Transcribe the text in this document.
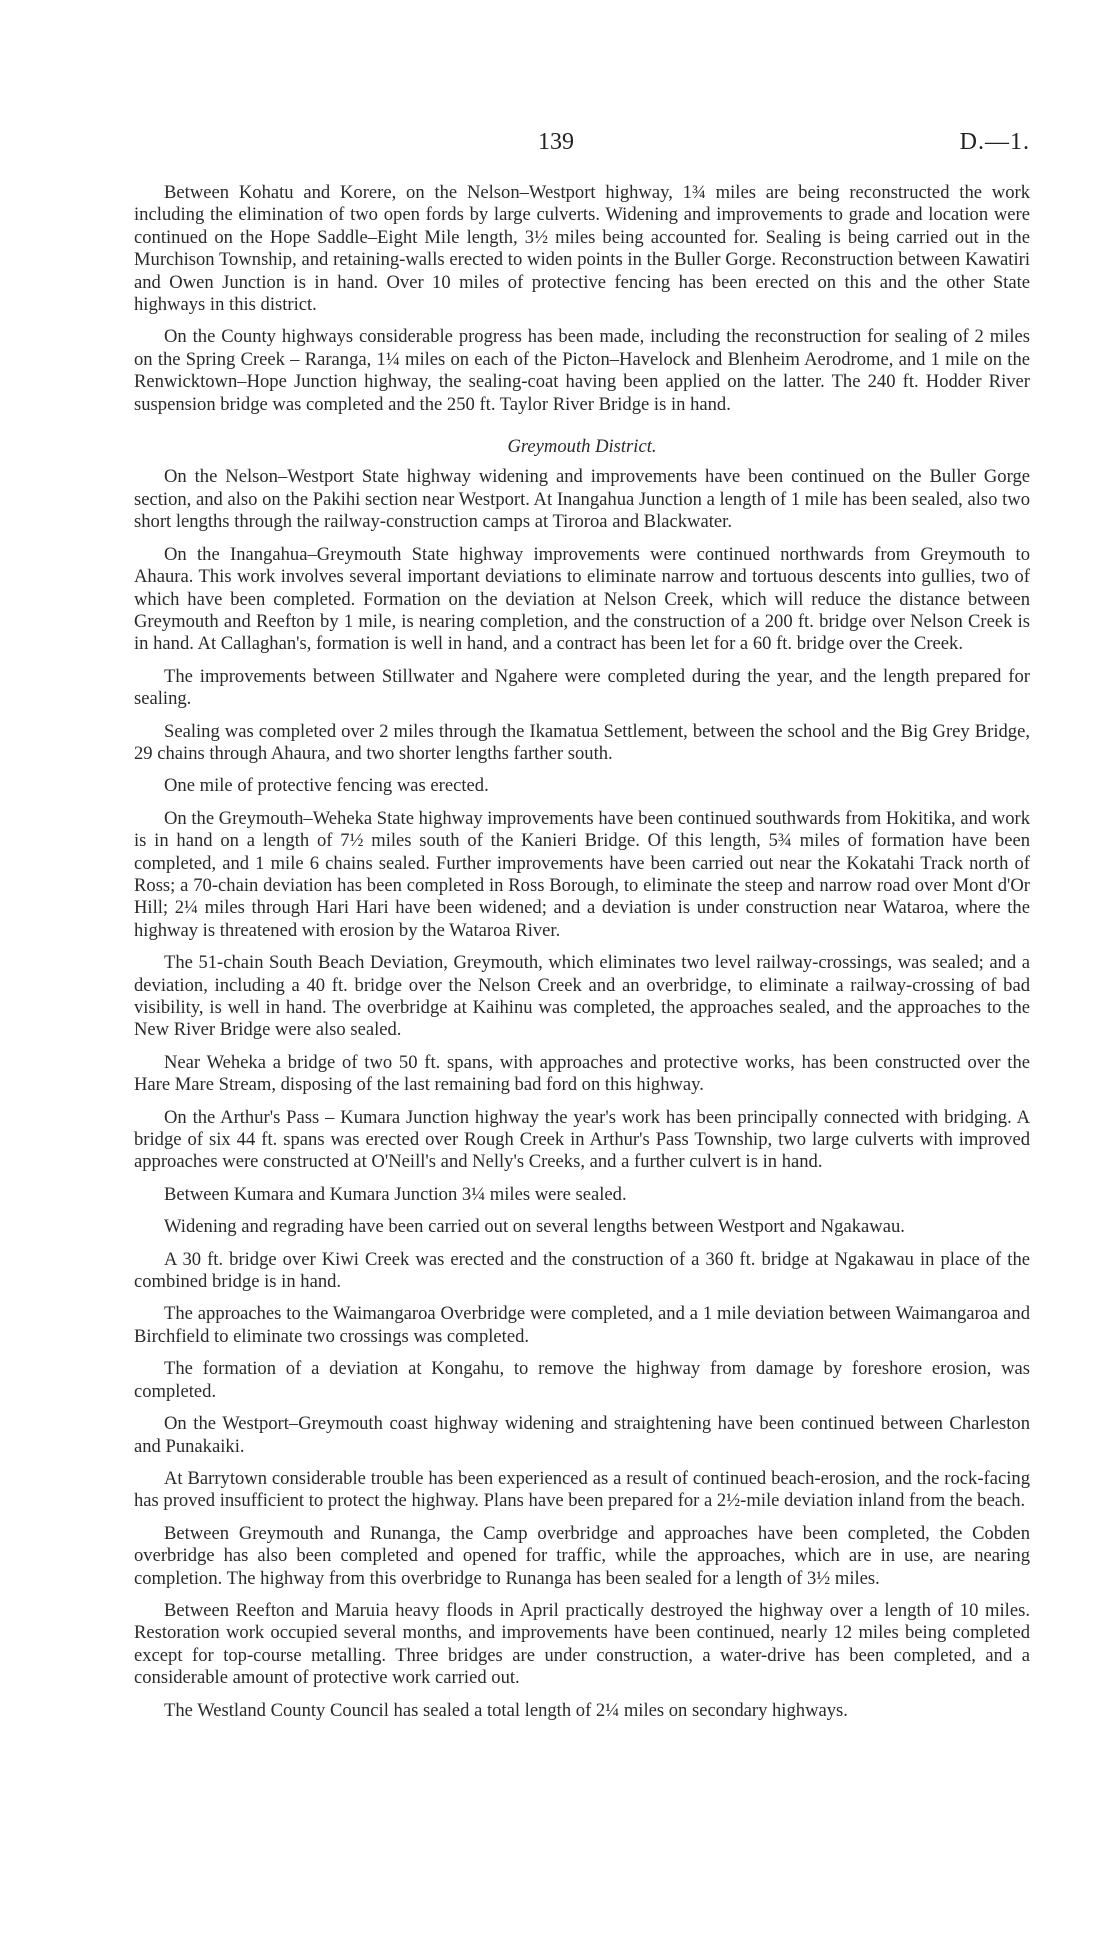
139	D.—1.

Between Kohatu and Korere, on the Nelson–Westport highway, 1¾ miles are being reconstructed the work including the elimination of two open fords by large culverts. Widening and improvements to grade and location were continued on the Hope Saddle–Eight Mile length, 3½ miles being accounted for. Sealing is being carried out in the Murchison Township, and retaining-walls erected to widen points in the Buller Gorge. Reconstruction between Kawatiri and Owen Junction is in hand. Over 10 miles of protective fencing has been erected on this and the other State highways in this district.

On the County highways considerable progress has been made, including the reconstruction for sealing of 2 miles on the Spring Creek – Raranga, 1¼ miles on each of the Picton–Havelock and Blenheim Aerodrome, and 1 mile on the Renwicktown–Hope Junction highway, the sealing-coat having been applied on the latter. The 240 ft. Hodder River suspension bridge was completed and the 250 ft. Taylor River Bridge is in hand.

Greymouth District.

On the Nelson–Westport State highway widening and improvements have been continued on the Buller Gorge section, and also on the Pakihi section near Westport. At Inangahua Junction a length of 1 mile has been sealed, also two short lengths through the railway-construction camps at Tiroroa and Blackwater.

On the Inangahua–Greymouth State highway improvements were continued northwards from Greymouth to Ahaura. This work involves several important deviations to eliminate narrow and tortuous descents into gullies, two of which have been completed. Formation on the deviation at Nelson Creek, which will reduce the distance between Greymouth and Reefton by 1 mile, is nearing completion, and the construction of a 200 ft. bridge over Nelson Creek is in hand. At Callaghan's, formation is well in hand, and a contract has been let for a 60 ft. bridge over the Creek.

The improvements between Stillwater and Ngahere were completed during the year, and the length prepared for sealing.

Sealing was completed over 2 miles through the Ikamatua Settlement, between the school and the Big Grey Bridge, 29 chains through Ahaura, and two shorter lengths farther south.

One mile of protective fencing was erected.

On the Greymouth–Weheka State highway improvements have been continued southwards from Hokitika, and work is in hand on a length of 7½ miles south of the Kanieri Bridge. Of this length, 5¾ miles of formation have been completed, and 1 mile 6 chains sealed. Further improvements have been carried out near the Kokatahi Track north of Ross; a 70-chain deviation has been completed in Ross Borough, to eliminate the steep and narrow road over Mont d'Or Hill; 2¼ miles through Hari Hari have been widened; and a deviation is under construction near Wataroa, where the highway is threatened with erosion by the Wataroa River.

The 51-chain South Beach Deviation, Greymouth, which eliminates two level railway-crossings, was sealed; and a deviation, including a 40 ft. bridge over the Nelson Creek and an overbridge, to eliminate a railway-crossing of bad visibility, is well in hand. The overbridge at Kaihinu was completed, the approaches sealed, and the approaches to the New River Bridge were also sealed.

Near Weheka a bridge of two 50 ft. spans, with approaches and protective works, has been constructed over the Hare Mare Stream, disposing of the last remaining bad ford on this highway.

On the Arthur's Pass – Kumara Junction highway the year's work has been principally connected with bridging. A bridge of six 44 ft. spans was erected over Rough Creek in Arthur's Pass Township, two large culverts with improved approaches were constructed at O'Neill's and Nelly's Creeks, and a further culvert is in hand.

Between Kumara and Kumara Junction 3¼ miles were sealed.

Widening and regrading have been carried out on several lengths between Westport and Ngakawau.

A 30 ft. bridge over Kiwi Creek was erected and the construction of a 360 ft. bridge at Ngakawau in place of the combined bridge is in hand.

The approaches to the Waimangaroa Overbridge were completed, and a 1 mile deviation between Waimangaroa and Birchfield to eliminate two crossings was completed.

The formation of a deviation at Kongahu, to remove the highway from damage by foreshore erosion, was completed.

On the Westport–Greymouth coast highway widening and straightening have been continued between Charleston and Punakaiki.

At Barrytown considerable trouble has been experienced as a result of continued beach-erosion, and the rock-facing has proved insufficient to protect the highway. Plans have been prepared for a 2½-mile deviation inland from the beach.

Between Greymouth and Runanga, the Camp overbridge and approaches have been completed, the Cobden overbridge has also been completed and opened for traffic, while the approaches, which are in use, are nearing completion. The highway from this overbridge to Runanga has been sealed for a length of 3½ miles.

Between Reefton and Maruia heavy floods in April practically destroyed the highway over a length of 10 miles. Restoration work occupied several months, and improvements have been continued, nearly 12 miles being completed except for top-course metalling. Three bridges are under construction, a water-drive has been completed, and a considerable amount of protective work carried out.

The Westland County Council has sealed a total length of 2¼ miles on secondary highways.
